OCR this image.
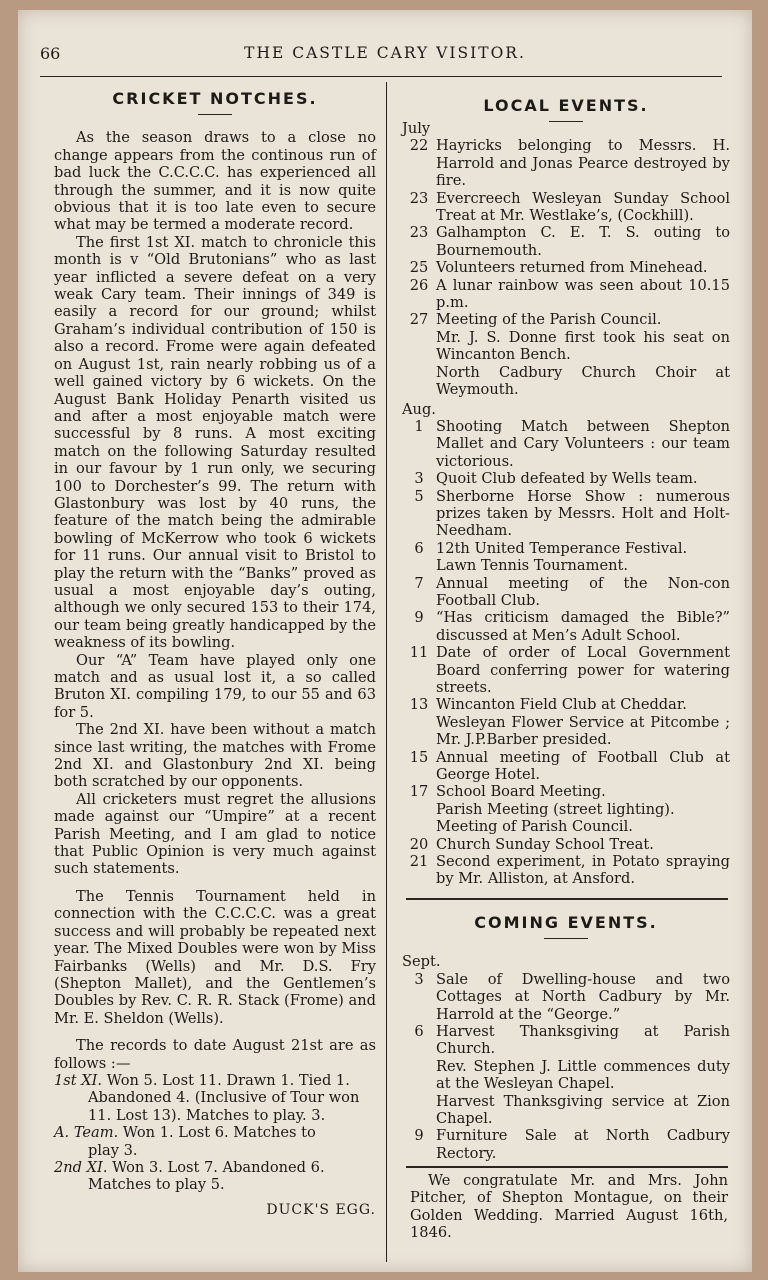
66	THE CASTLE CARY VISITOR.
CRICKET NOTCHES.

As the season draws to a close no change appears from the continous run of bad luck the C.C.C.C. has experienced all through the summer, and it is now quite obvious that it is too late even to secure what may be termed a moderate record.

The first 1st XI. match to chronicle this month is v “Old Brutonians” who as last year inflicted a severe defeat on a very weak Cary team. Their innings of 349 is easily a record for our ground; whilst Graham’s individual contribution of 150 is also a record. Frome were again defeated on August 1st, rain nearly robbing us of a well gained victory by 6 wickets. On the August Bank Holiday Penarth visited us and after a most enjoyable match were successful by 8 runs. A most exciting match on the following Saturday resulted in our favour by 1 run only, we securing 100 to Dorchester’s 99. The return with Glastonbury was lost by 40 runs, the feature of the match being the admirable bowling of McKerrow who took 6 wickets for 11 runs. Our annual visit to Bristol to play the return with the “Banks” proved as usual a most enjoyable day’s outing, although we only secured 153 to their 174, our team being greatly handicapped by the weakness of its bowling.

Our “A” Team have played only one match and as usual lost it, a so called Bruton XI. compiling 179, to our 55 and 63 for 5.

The 2nd XI. have been without a match since last writing, the matches with Frome 2nd XI. and Glastonbury 2nd XI. being both scratched by our opponents.

All cricketers must regret the allusions made against our “Umpire” at a recent Parish Meeting, and I am glad to notice that Public Opinion is very much against such statements.

The Tennis Tournament held in connection with the C.C.C.C. was a great success and will probably be repeated next year. The Mixed Doubles were won by Miss Fairbanks (Wells) and Mr. D.S. Fry (Shepton Mallet), and the Gentlemen’s Doubles by Rev. C. R. R. Stack (Frome) and Mr. E. Sheldon (Wells).

The records to date August 21st are as follows :—

1st XI. Won 5. Lost 11. Drawn 1. Tied 1.
Abandoned 4. (Inclusive of Tour won 11. Lost 13). Matches to play. 3.
A. Team. Won 1. Lost 6. Matches to
play 3.
2nd XI. Won 3. Lost 7. Abandoned 6.
Matches to play 5.
DUCK'S EGG.
LOCAL EVENTS.
July
22 Hayricks belonging to Messrs. H. Harrold and Jonas Pearce destroyed by fire.
23 Evercreech Wesleyan Sunday School Treat at Mr. Westlake’s, (Cockhill).
23 Galhampton C. E. T. S. outing to Bournemouth.
25 Volunteers returned from Minehead.
26 A lunar rainbow was seen about 10.15 p.m.
27 Meeting of the Parish Council.
Mr. J. S. Donne first took his seat on Wincanton Bench.
North Cadbury Church Choir at Weymouth.
Aug.
1 Shooting Match between Shepton Mallet and Cary Volunteers : our team victorious.
3 Quoit Club defeated by Wells team.
5 Sherborne Horse Show : numerous prizes taken by Messrs. Holt and Holt-Needham.
6 12th United Temperance Festival.
Lawn Tennis Tournament.
7 Annual meeting of the Non-con Football Club.
9 “Has criticism damaged the Bible?” discussed at Men’s Adult School.
11 Date of order of Local Government Board conferring power for watering streets.
13 Wincanton Field Club at Cheddar.
Wesleyan Flower Service at Pitcombe ; Mr. J.P.Barber presided.
15 Annual meeting of Football Club at George Hotel.
17 School Board Meeting.
Parish Meeting (street lighting).
Meeting of Parish Council.
20 Church Sunday School Treat.
21 Second experiment, in Potato spraying by Mr. Alliston, at Ansford.
COMING EVENTS.
Sept.
3 Sale of Dwelling-house and two Cottages at North Cadbury by Mr. Harrold at the “George.”
6 Harvest Thanksgiving at Parish Church.
Rev. Stephen J. Little commences duty at the Wesleyan Chapel.
Harvest Thanksgiving service at Zion Chapel.
9 Furniture Sale at North Cadbury Rectory.

We congratulate Mr. and Mrs. John Pitcher, of Shepton Montague, on their Golden Wedding. Married August 16th, 1846.
